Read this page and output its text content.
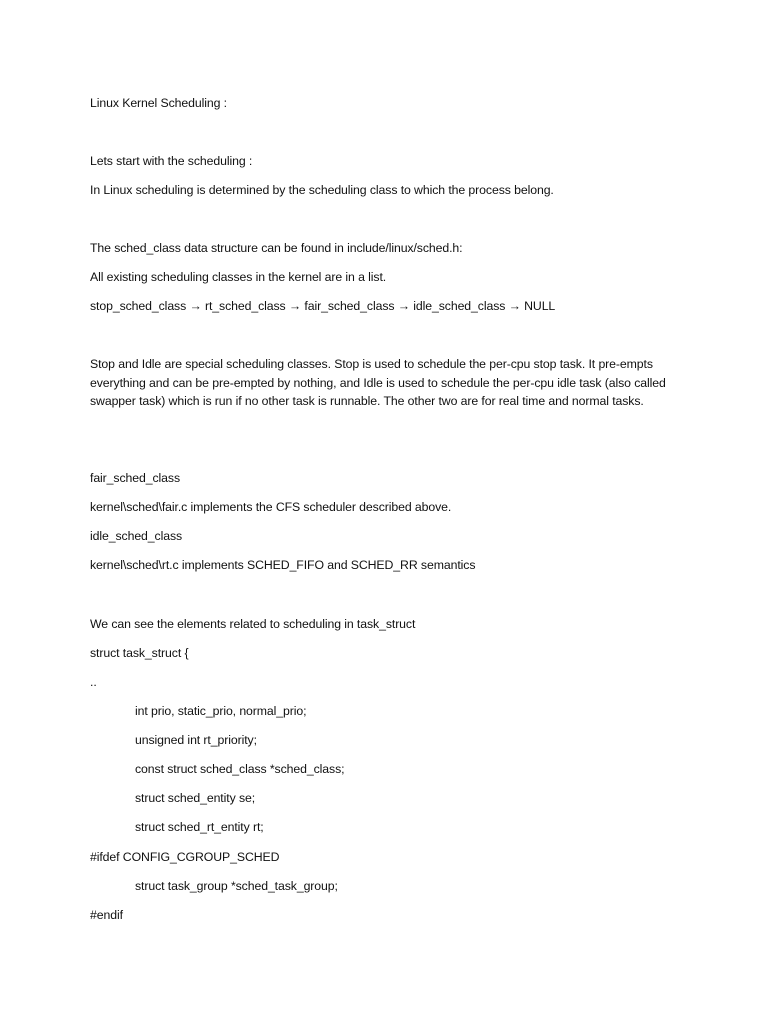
Linux Kernel Scheduling :
Lets start with the scheduling :
In Linux scheduling is determined by the scheduling class to which the process belong.
The sched_class data structure can be found in include/linux/sched.h:
All existing scheduling classes in the kernel are in a list.
stop_sched_class → rt_sched_class → fair_sched_class → idle_sched_class → NULL
Stop and Idle are special scheduling classes. Stop is used to schedule the per-cpu stop task. It pre-empts everything and can be pre-empted by nothing, and Idle is used to schedule the per-cpu idle task (also called swapper task) which is run if no other task is runnable. The other two are for real time and normal tasks.
fair_sched_class
kernel\sched\fair.c implements the CFS scheduler described above.
idle_sched_class
kernel\sched\rt.c implements SCHED_FIFO and SCHED_RR semantics
We can see the elements related to scheduling in task_struct
struct task_struct {
..
int prio, static_prio, normal_prio;
unsigned int rt_priority;
const struct sched_class *sched_class;
struct sched_entity se;
struct sched_rt_entity rt;
#ifdef CONFIG_CGROUP_SCHED
struct task_group *sched_task_group;
#endif
